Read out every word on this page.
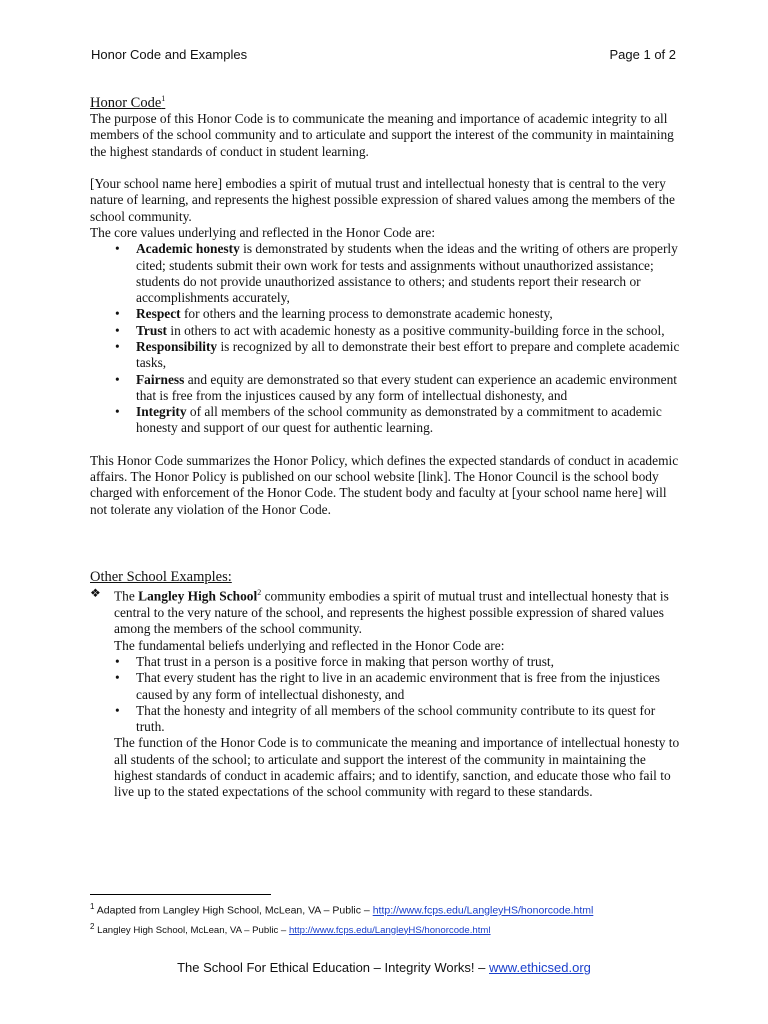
Honor Code and Examples	Page 1 of 2
Honor Code$^1$

The purpose of this Honor Code is to communicate the meaning and importance of academic integrity to all members of the school community and to articulate and support the interest of the community in maintaining the highest standards of conduct in student learning.

[Your school name here] embodies a spirit of mutual trust and intellectual honesty that is central to the very nature of learning, and represents the highest possible expression of shared values among the members of the school community.

The core values underlying and reflected in the Honor Code are:

• Academic honesty is demonstrated by students when the ideas and the writing of others are properly cited; students submit their own work for tests and assignments without unauthorized assistance; students do not provide unauthorized assistance to others; and students report their research or accomplishments accurately,
• Respect for others and the learning process to demonstrate academic honesty,
• Trust in others to act with academic honesty as a positive community-building force in the school,
• Responsibility is recognized by all to demonstrate their best effort to prepare and complete academic tasks,
• Fairness and equity are demonstrated so that every student can experience an academic environment that is free from the injustices caused by any form of intellectual dishonesty, and
• Integrity of all members of the school community as demonstrated by a commitment to academic honesty and support of our quest for authentic learning.

This Honor Code summarizes the Honor Policy, which defines the expected standards of conduct in academic affairs. The Honor Policy is published on our school website [link]. The Honor Council is the school body charged with enforcement of the Honor Code. The student body and faculty at [your school name here] will not tolerate any violation of the Honor Code.

Other School Examples:
❖ The Langley High School$^2$ community embodies a spirit of mutual trust and intellectual honesty that is central to the very nature of the school, and represents the highest possible expression of shared values among the members of the school community.

The fundamental beliefs underlying and reflected in the Honor Code are:

• That trust in a person is a positive force in making that person worthy of trust,
• That every student has the right to live in an academic environment that is free from the injustices caused by any form of intellectual dishonesty, and
• That the honesty and integrity of all members of the school community contribute to its quest for truth.

The function of the Honor Code is to communicate the meaning and importance of intellectual honesty to all students of the school; to articulate and support the interest of the community in maintaining the highest standards of conduct in academic affairs; and to identify, sanction, and educate those who fail to live up to the stated expectations of the school community with regard to these standards.

$^1$ Adapted from Langley High School, McLean, VA – Public – http://www.fcps.edu/LangleyHS/honorcode.html
$^2$ Langley High School, McLean, VA – Public – http://www.fcps.edu/LangleyHS/honorcode.html
The School For Ethical Education – Integrity Works! – www.ethicsed.org
